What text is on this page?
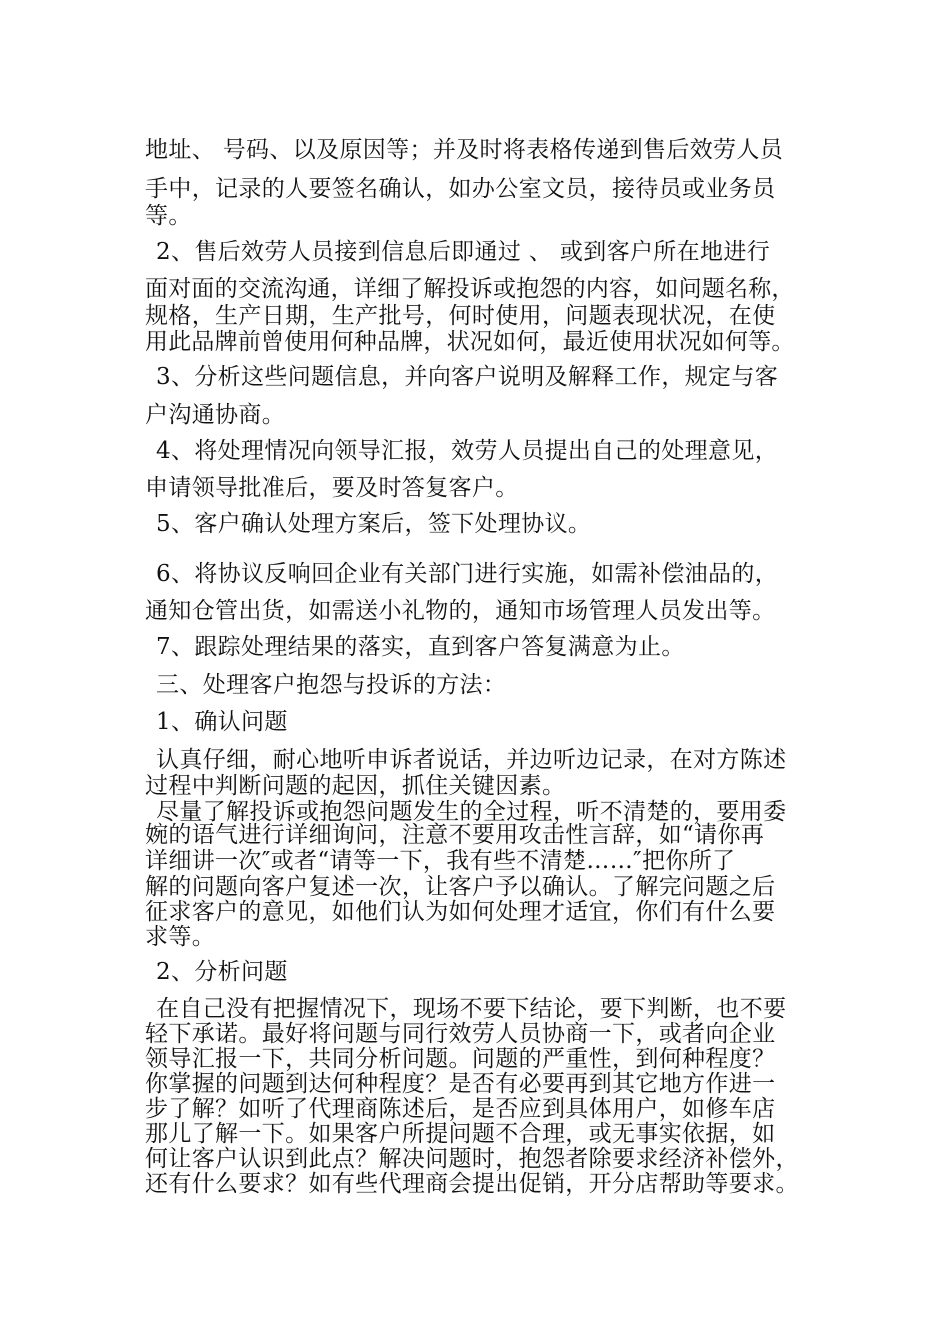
地址、 号码、以及原因等；并及时将表格传递到售后效劳人员
手中，记录的人要签名确认，如办公室文员，接待员或业务员
等。
2、售后效劳人员接到信息后即通过 、 或到客户所在地进行
面对面的交流沟通，详细了解投诉或抱怨的内容，如问题名称，
规格，生产日期，生产批号，何时使用，问题表现状况，在使
用此品牌前曾使用何种品牌，状况如何，最近使用状况如何等。
3、分析这些问题信息，并向客户说明及解释工作，规定与客
户沟通协商。
4、将处理情况向领导汇报，效劳人员提出自己的处理意见，
申请领导批准后，要及时答复客户。
5、客户确认处理方案后，签下处理协议。
6、将协议反响回企业有关部门进行实施，如需补偿油品的，
通知仓管出货，如需送小礼物的，通知市场管理人员发出等。
7、跟踪处理结果的落实，直到客户答复满意为止。
三、处理客户抱怨与投诉的方法：
1、确认问题
认真仔细，耐心地听申诉者说话，并边听边记录，在对方陈述
过程中判断问题的起因，抓住关键因素。
尽量了解投诉或抱怨问题发生的全过程，听不清楚的，要用委
婉的语气进行详细询问，注意不要用攻击性言辞，如“请你再
详细讲一次″或者“请等一下，我有些不清楚……″把你所了
解的问题向客户复述一次，让客户予以确认。了解完问题之后
征求客户的意见，如他们认为如何处理才适宜，你们有什么要
求等。
2、分析问题
在自己没有把握情况下，现场不要下结论，要下判断，也不要
轻下承诺。最好将问题与同行效劳人员协商一下，或者向企业
领导汇报一下，共同分析问题。问题的严重性，到何种程度？
你掌握的问题到达何种程度？是否有必要再到其它地方作进一
步了解？如听了代理商陈述后，是否应到具体用户，如修车店
那儿了解一下。如果客户所提问题不合理，或无事实依据，如
何让客户认识到此点？解决问题时，抱怨者除要求经济补偿外，
还有什么要求？如有些代理商会提出促销，开分店帮助等要求。
